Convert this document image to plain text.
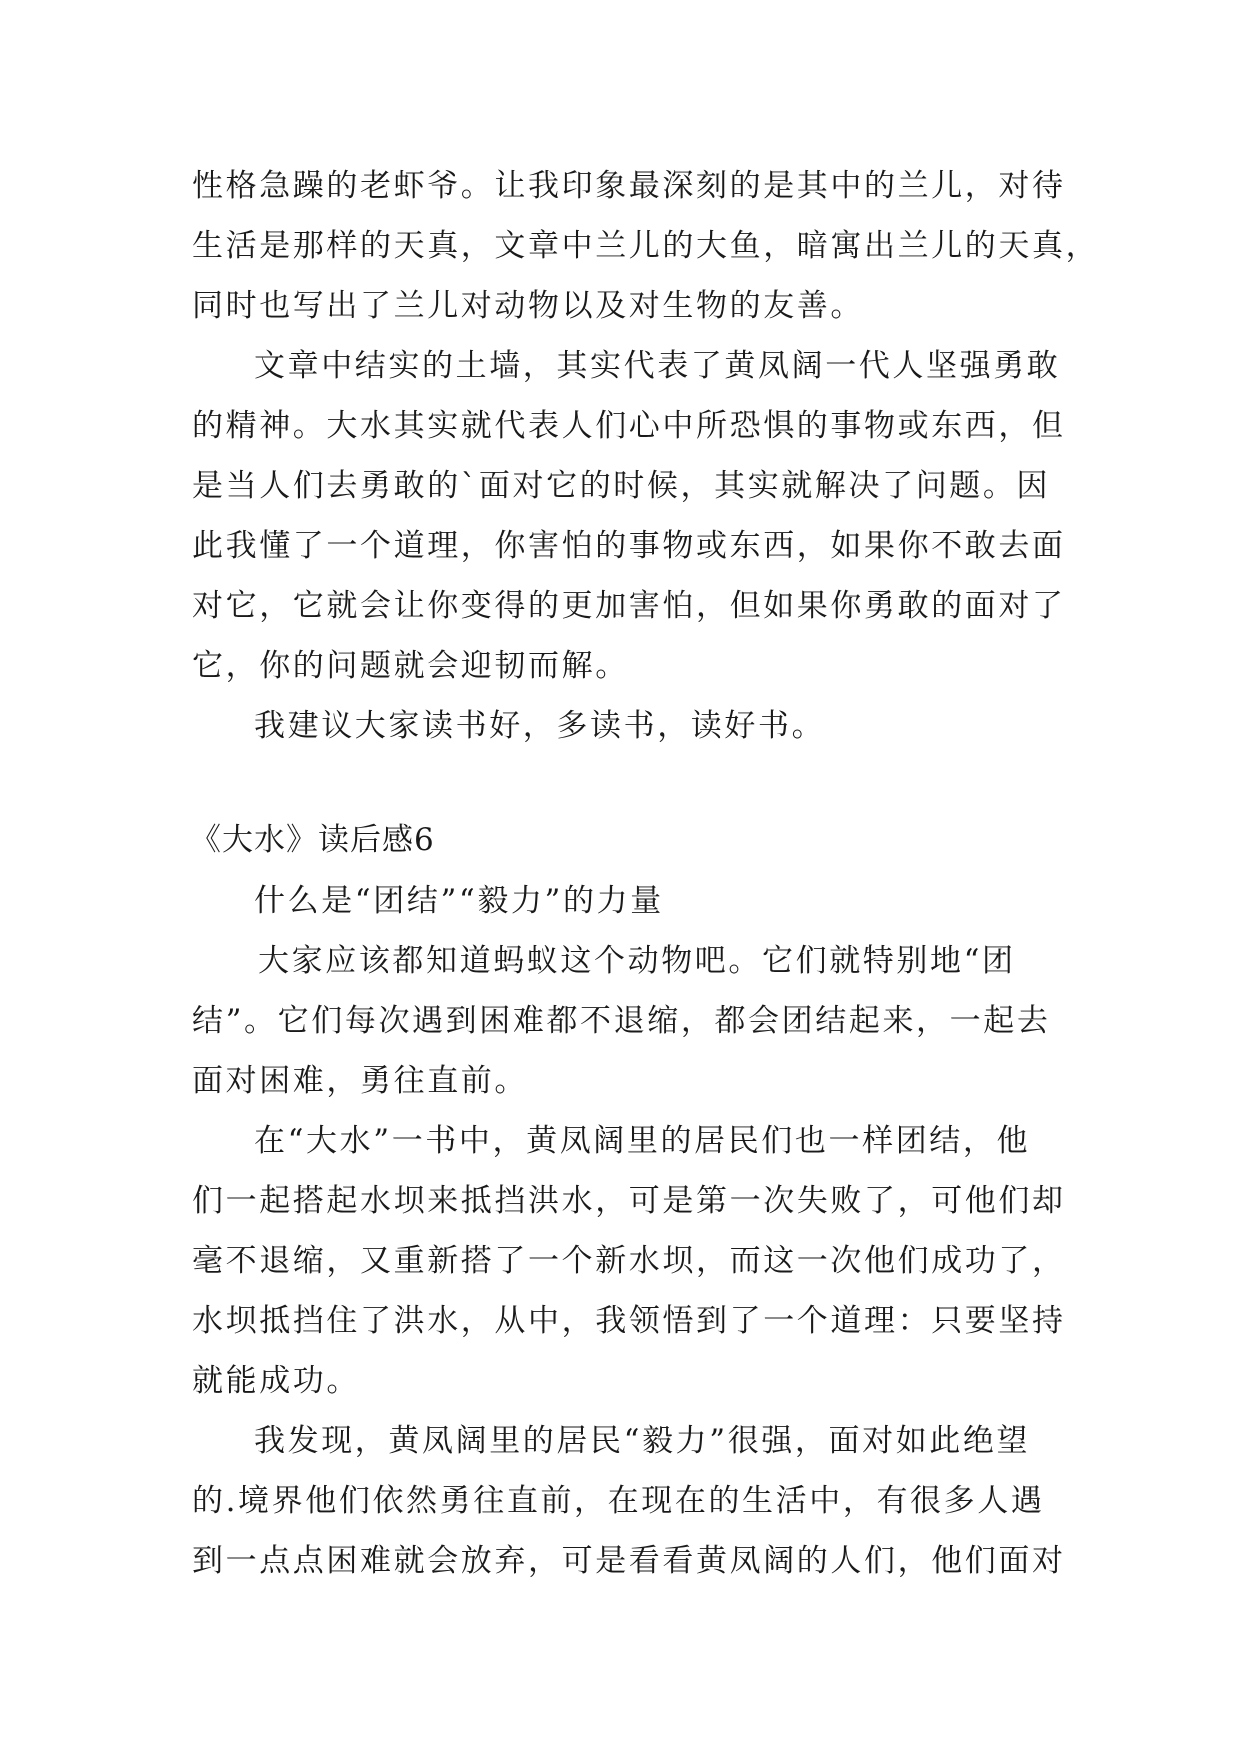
性格急躁的老虾爷。让我印象最深刻的是其中的兰儿，对待
生活是那样的天真，文章中兰儿的大鱼，暗寓出兰儿的天真，
同时也写出了兰儿对动物以及对生物的友善。
文章中结实的土墙，其实代表了黄凤阔一代人坚强勇敢
的精神。大水其实就代表人们心中所恐惧的事物或东西，但
是当人们去勇敢的`面对它的时候，其实就解决了问题。因
此我懂了一个道理，你害怕的事物或东西，如果你不敢去面
对它，它就会让你变得的更加害怕，但如果你勇敢的面对了
它，你的问题就会迎韧而解。
我建议大家读书好，多读书，读好书。
《大水》读后感6
什么是“团结”“毅力”的力量
大家应该都知道蚂蚁这个动物吧。它们就特别地“团
结”。它们每次遇到困难都不退缩，都会团结起来，一起去
面对困难，勇往直前。
在“大水”一书中，黄凤阔里的居民们也一样团结，他
们一起搭起水坝来抵挡洪水，可是第一次失败了，可他们却
毫不退缩，又重新搭了一个新水坝，而这一次他们成功了，
水坝抵挡住了洪水，从中，我领悟到了一个道理：只要坚持
就能成功。
我发现，黄凤阔里的居民“毅力”很强，面对如此绝望
的.境界他们依然勇往直前，在现在的生活中，有很多人遇
到一点点困难就会放弃，可是看看黄凤阔的人们，他们面对
